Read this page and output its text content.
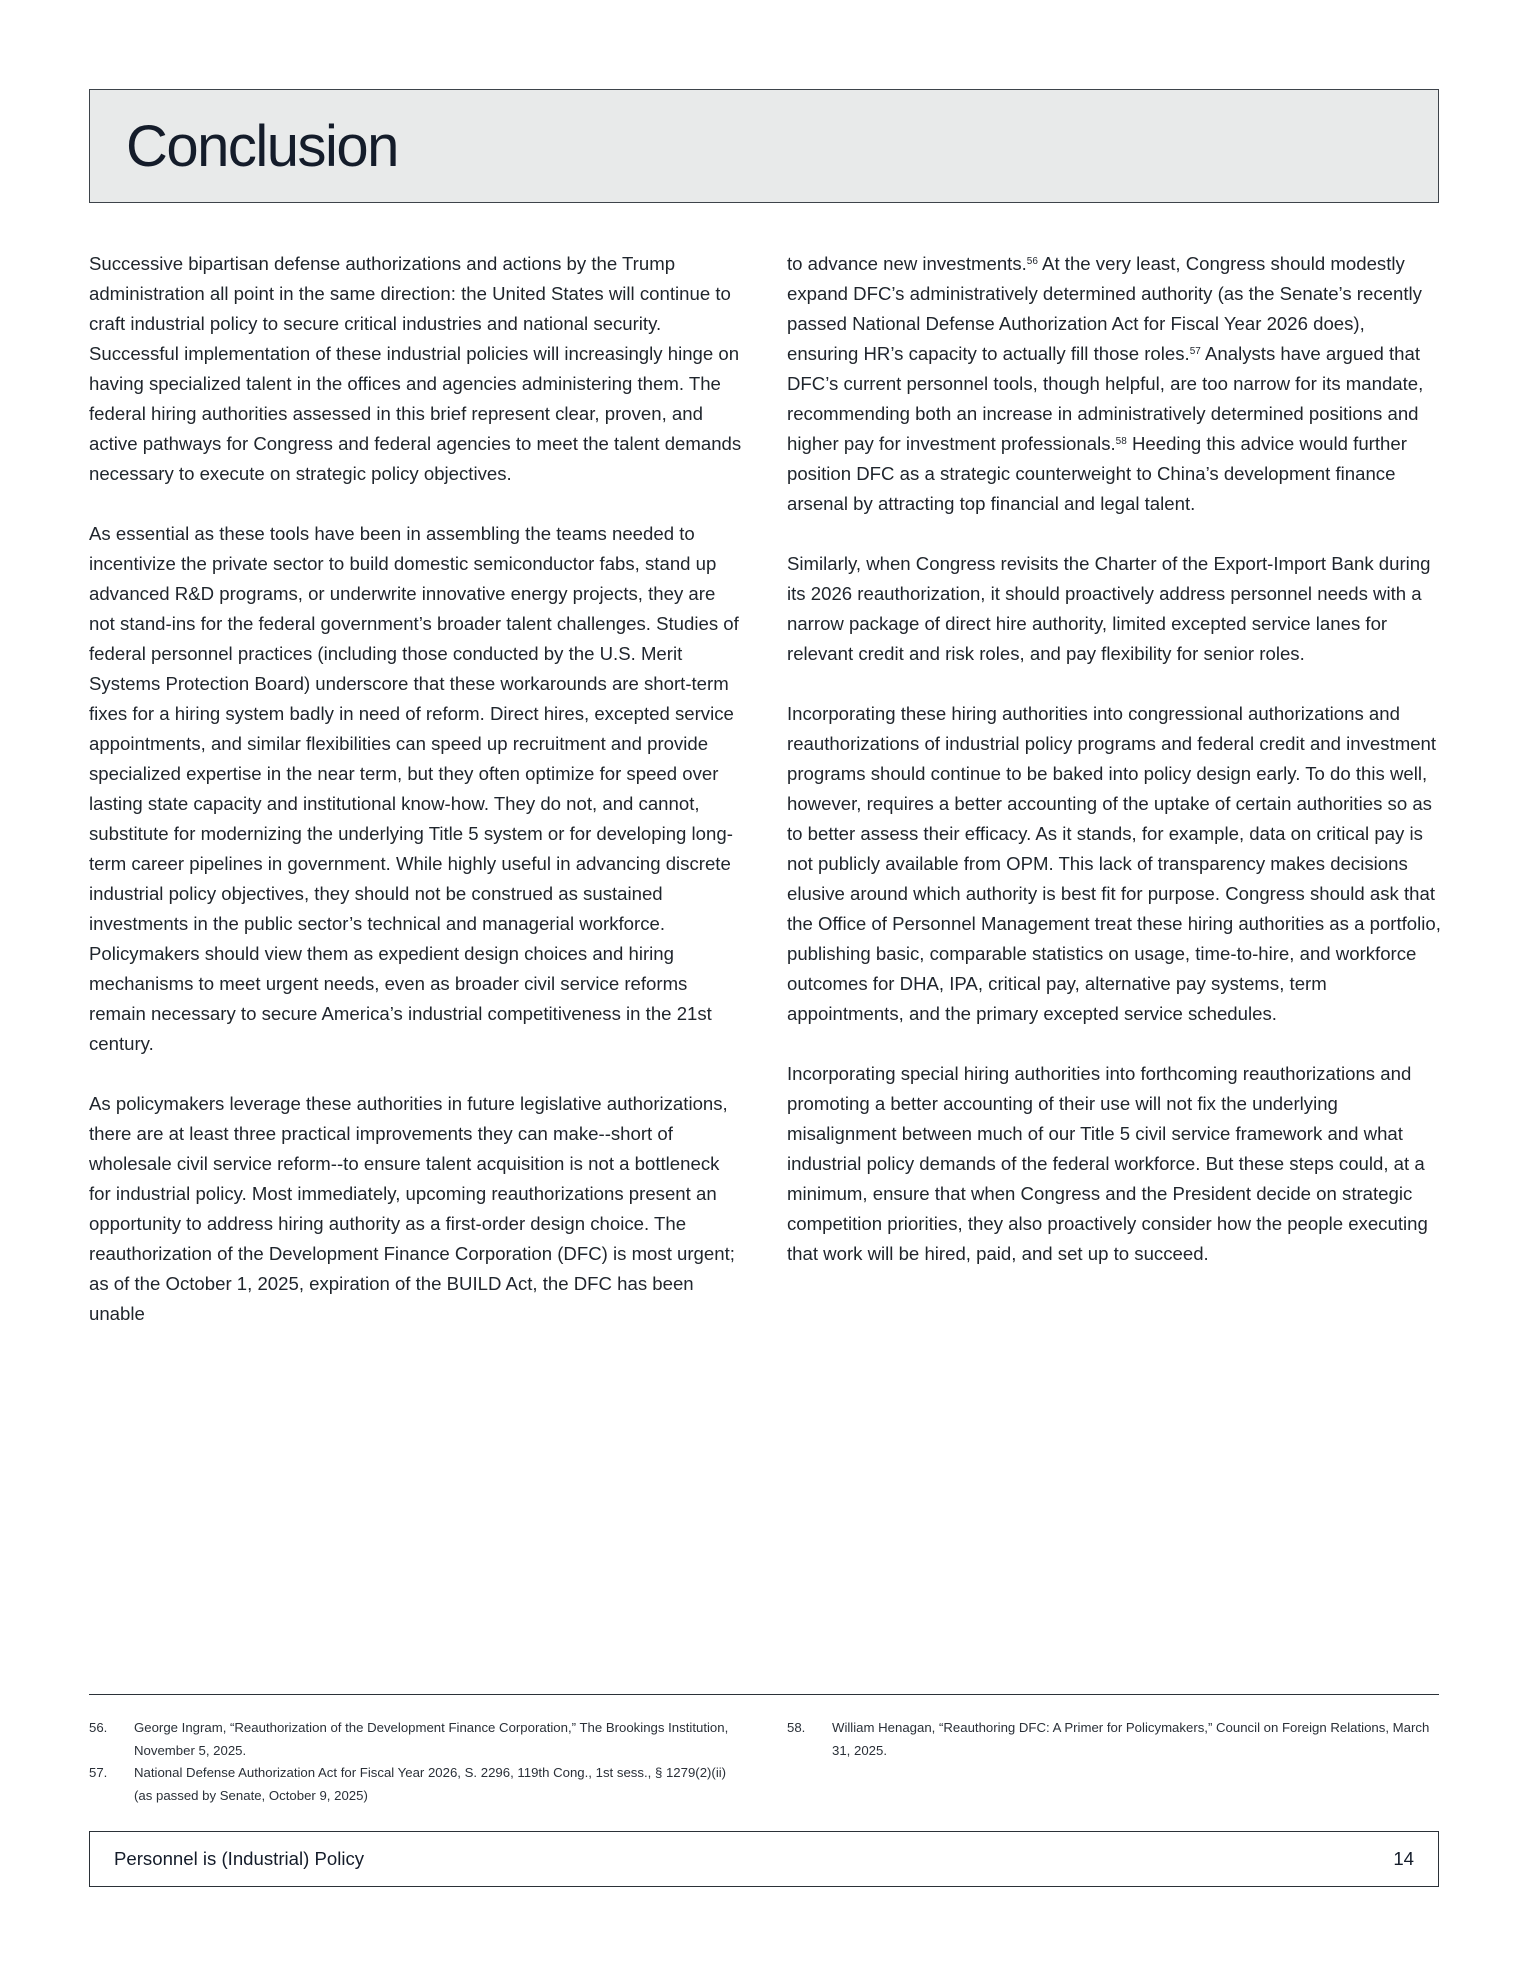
Conclusion

Successive bipartisan defense authorizations and actions by the Trump administration all point in the same direction: the United States will continue to craft industrial policy to secure critical industries and national security. Successful implementation of these industrial policies will increasingly hinge on having specialized talent in the offices and agencies administering them. The federal hiring authorities assessed in this brief represent clear, proven, and active pathways for Congress and federal agencies to meet the talent demands necessary to execute on strategic policy objectives.

As essential as these tools have been in assembling the teams needed to incentivize the private sector to build domestic semiconductor fabs, stand up advanced R&D programs, or underwrite innovative energy projects, they are not stand-ins for the federal government’s broader talent challenges. Studies of federal personnel practices (including those conducted by the U.S. Merit Systems Protection Board) underscore that these workarounds are short-term fixes for a hiring system badly in need of reform. Direct hires, excepted service appointments, and similar flexibilities can speed up recruitment and provide specialized expertise in the near term, but they often optimize for speed over lasting state capacity and institutional know-how. They do not, and cannot, substitute for modernizing the underlying Title 5 system or for developing long-term career pipelines in government. While highly useful in advancing discrete industrial policy objectives, they should not be construed as sustained investments in the public sector’s technical and managerial workforce. Policymakers should view them as expedient design choices and hiring mechanisms to meet urgent needs, even as broader civil service reforms remain necessary to secure America’s industrial competitiveness in the 21st century.

As policymakers leverage these authorities in future legislative authorizations, there are at least three practical improvements they can make--short of wholesale civil service reform--to ensure talent acquisition is not a bottleneck for industrial policy. Most immediately, upcoming reauthorizations present an opportunity to address hiring authority as a first-order design choice. The reauthorization of the Development Finance Corporation (DFC) is most urgent; as of the October 1, 2025, expiration of the BUILD Act, the DFC has been unable

to advance new investments.$^{56}$ At the very least, Congress should modestly expand DFC’s administratively determined authority (as the Senate’s recently passed National Defense Authorization Act for Fiscal Year 2026 does), ensuring HR’s capacity to actually fill those roles.$^{57}$ Analysts have argued that DFC’s current personnel tools, though helpful, are too narrow for its mandate, recommending both an increase in administratively determined positions and higher pay for investment professionals.$^{58}$ Heeding this advice would further position DFC as a strategic counterweight to China’s development finance arsenal by attracting top financial and legal talent.

Similarly, when Congress revisits the Charter of the Export-Import Bank during its 2026 reauthorization, it should proactively address personnel needs with a narrow package of direct hire authority, limited excepted service lanes for relevant credit and risk roles, and pay flexibility for senior roles.

Incorporating these hiring authorities into congressional authorizations and reauthorizations of industrial policy programs and federal credit and investment programs should continue to be baked into policy design early. To do this well, however, requires a better accounting of the uptake of certain authorities so as to better assess their efficacy. As it stands, for example, data on critical pay is not publicly available from OPM. This lack of transparency makes decisions elusive around which authority is best fit for purpose. Congress should ask that the Office of Personnel Management treat these hiring authorities as a portfolio, publishing basic, comparable statistics on usage, time-to-hire, and workforce outcomes for DHA, IPA, critical pay, alternative pay systems, term appointments, and the primary excepted service schedules.

Incorporating special hiring authorities into forthcoming reauthorizations and promoting a better accounting of their use will not fix the underlying misalignment between much of our Title 5 civil service framework and what industrial policy demands of the federal workforce. But these steps could, at a minimum, ensure that when Congress and the President decide on strategic competition priorities, they also proactively consider how the people executing that work will be hired, paid, and set up to succeed.

56.	George Ingram, “Reauthorization of the Development Finance Corporation,” The Brookings Institution, November 5, 2025.
57.	National Defense Authorization Act for Fiscal Year 2026, S. 2296, 119th Cong., 1st sess., § 1279(2)(ii) (as passed by Senate, October 9, 2025)
58.	William Henagan, “Reauthoring DFC: A Primer for Policymakers,” Council on Foreign Relations, March 31, 2025.
Personnel is (Industrial) Policy	14
